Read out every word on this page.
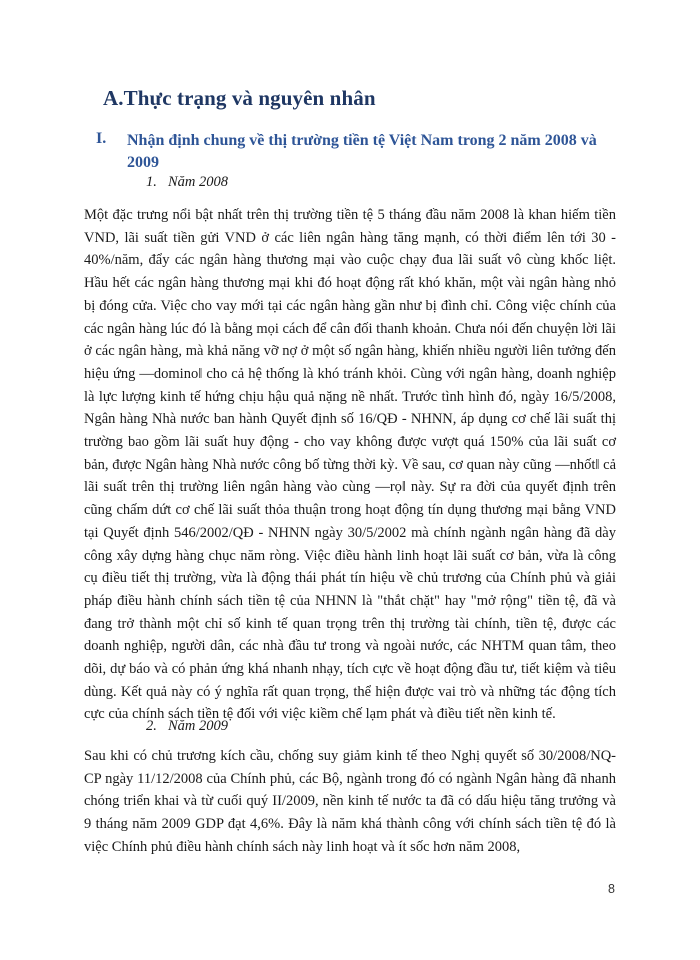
A.Thực trạng và nguyên nhân
I. Nhận định chung về thị trường tiền tệ Việt Nam trong 2 năm 2008 và 2009
1. Năm 2008

Một đặc trưng nổi bật nhất trên thị trường tiền tệ 5 tháng đầu năm 2008 là khan hiếm tiền VND, lãi suất tiền gửi VND ở các liên ngân hàng tăng mạnh, có thời điểm lên tới 30 - 40%/năm, đẩy các ngân hàng thương mại vào cuộc chạy đua lãi suất vô cùng khốc liệt. Hầu hết các ngân hàng thương mại khi đó hoạt động rất khó khăn, một vài ngân hàng nhỏ bị đóng cửa. Việc cho vay mới tại các ngân hàng gần như bị đình chỉ. Công việc chính của các ngân hàng lúc đó là bằng mọi cách để cân đối thanh khoản. Chưa nói đến chuyện lời lãi ở các ngân hàng, mà khả năng vỡ nợ ở một số ngân hàng, khiến nhiều người liên tưởng đến hiệu ứng ―domino‖ cho cả hệ thống là khó tránh khỏi. Cùng với ngân hàng, doanh nghiệp là lực lượng kinh tế hứng chịu hậu quả nặng nề nhất. Trước tình hình đó, ngày 16/5/2008, Ngân hàng Nhà nước ban hành Quyết định số 16/QĐ - NHNN, áp dụng cơ chế lãi suất thị trường bao gồm lãi suất huy động - cho vay không được vượt quá 150% của lãi suất cơ bản, được Ngân hàng Nhà nước công bố từng thời kỳ. Về sau, cơ quan này cũng ―nhốt‖ cả lãi suất trên thị trường liên ngân hàng vào cùng ―rọ‖ này. Sự ra đời của quyết định trên cũng chấm dứt cơ chế lãi suất thỏa thuận trong hoạt động tín dụng thương mại bằng VND tại Quyết định 546/2002/QĐ - NHNN ngày 30/5/2002 mà chính ngành ngân hàng đã dày công xây dựng hàng chục năm ròng. Việc điều hành linh hoạt lãi suất cơ bản, vừa là công cụ điều tiết thị trường, vừa là động thái phát tín hiệu về chủ trương của Chính phủ và giải pháp điều hành chính sách tiền tệ của NHNN là "thắt chặt" hay "mở rộng" tiền tệ, đã và đang trở thành một chỉ số kinh tế quan trọng trên thị trường tài chính, tiền tệ, được các doanh nghiệp, người dân, các nhà đầu tư trong và ngoài nước, các NHTM quan tâm, theo dõi, dự báo và có phản ứng khá nhanh nhạy, tích cực về hoạt động đầu tư, tiết kiệm và tiêu dùng. Kết quả này có ý nghĩa rất quan trọng, thể hiện được vai trò và những tác động tích cực của chính sách tiền tệ đối với việc kiềm chế lạm phát và điều tiết nền kinh tế.

2. Năm 2009

Sau khi có chủ trương kích cầu, chống suy giảm kinh tế theo Nghị quyết số 30/2008/NQ-CP ngày 11/12/2008 của Chính phủ, các Bộ, ngành trong đó có ngành Ngân hàng đã nhanh chóng triển khai và từ cuối quý II/2009, nền kinh tế nước ta đã có dấu hiệu tăng trưởng và 9 tháng năm 2009 GDP đạt 4,6%. Đây là năm khá thành công với chính sách tiền tệ đó là việc Chính phủ điều hành chính sách này linh hoạt và ít sốc hơn năm 2008,

8
